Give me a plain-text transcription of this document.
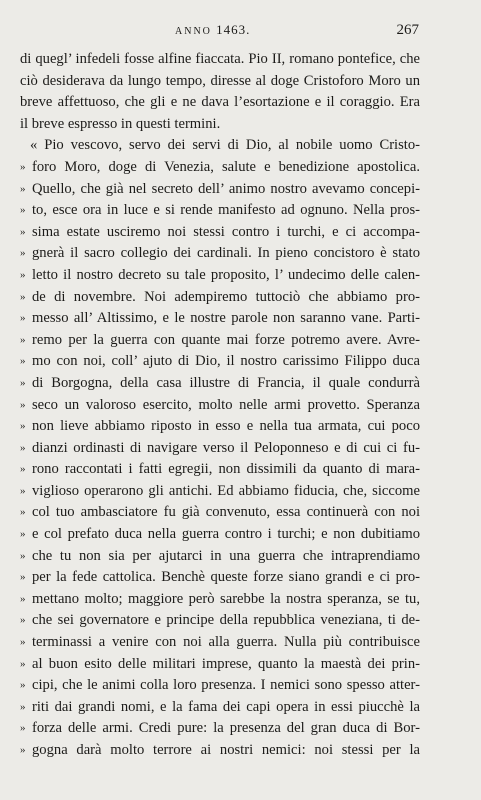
ANNO 1463.	267
di quegl’ infedeli fosse alfine fiaccata. Pio II, romano pontefice, che
ciò desiderava da lungo tempo, diresse al doge Cristoforo Moro un
breve affettuoso, che gli e ne dava l’esortazione e il coraggio. Era
il breve espresso in questi termini.
« Pio vescovo, servo dei servi di Dio, al nobile uomo Cristo-
» foro Moro, doge di Venezia, salute e benedizione apostolica.
» Quello, che già nel secreto dell’ animo nostro avevamo concepi-
» to, esce ora in luce e si rende manifesto ad ognuno. Nella pros-
» sima estate usciremo noi stessi contro i turchi, e ci accompa-
» gnerà il sacro collegio dei cardinali. In pieno concistoro è stato
» letto il nostro decreto su tale proposito, l’ undecimo delle calen-
» de di novembre. Noi adempiremo tuttociò che abbiamo pro-
» messo all’ Altissimo, e le nostre parole non saranno vane. Parti-
» remo per la guerra con quante mai forze potremo avere. Avre-
» mo con noi, coll’ ajuto di Dio, il nostro carissimo Filippo duca
» di Borgogna, della casa illustre di Francia, il quale condurrà
» seco un valoroso esercito, molto nelle armi provetto. Speranza
» non lieve abbiamo riposto in esso e nella tua armata, cui poco
» dianzi ordinasti di navigare verso il Peloponneso e di cui ci fu-
» rono raccontati i fatti egregii, non dissimili da quanto di mara-
» viglioso operarono gli antichi. Ed abbiamo fiducia, che, siccome
» col tuo ambasciatore fu già convenuto, essa continuerà con noi
» e col prefato duca nella guerra contro i turchi; e non dubitiamo
» che tu non sia per ajutarci in una guerra che intraprendiamo
» per la fede cattolica. Benchè queste forze siano grandi e ci pro-
» mettano molto; maggiore però sarebbe la nostra speranza, se tu,
» che sei governatore e principe della repubblica veneziana, ti de-
» terminassi a venire con noi alla guerra. Nulla più contribuisce
» al buon esito delle militari imprese, quanto la maestà dei prin-
» cipi, che le animi colla loro presenza. I nemici sono spesso atter-
» riti dai grandi nomi, e la fama dei capi opera in essi piucchè la
» forza delle armi. Credi pure: la presenza del gran duca di Bor-
» gogna darà molto terrore ai nostri nemici: noi stessi per la
